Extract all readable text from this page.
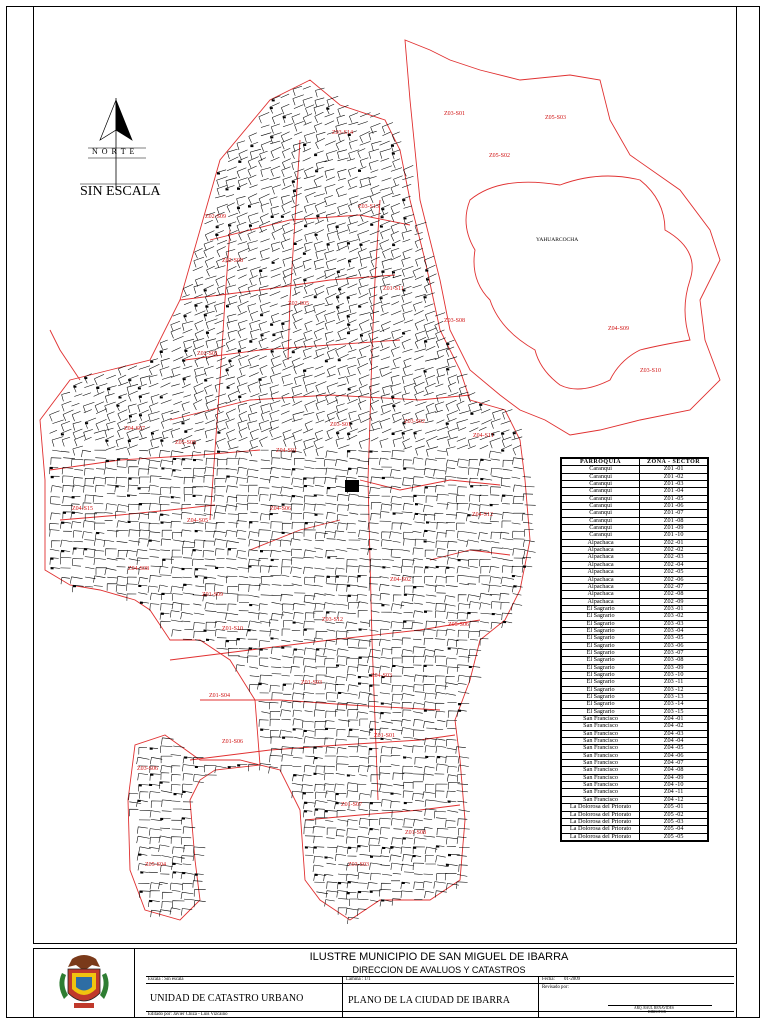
Z03-S01
Z05-S03
Z05-S02
Z03-S14
Z03-S13
Z02-S09
Z02-S08
Z01-S11
Z02-S01
Z02-S05
Z03-S08
Z04-S09
Z04-S07
Z05-S05
Z04-S01
Z03-S01	Z03-S02
Z04-S15	Z04-S06
Z04-S08
Z04-S02
Z01-S10
Z01-S09
Z04-S05
Z03-S12
Z01-S04
Z01-S03
Z04-S03
Z01-S06
Z01-S07
Z01-S08
Z03-S03
Z05-S04
Z01-S01
Z04-S11
Z04-S12
Z05-S06
Z03-S06
Z03-S10
YAHUARCOCHA
N O R T E
SIN ESCALA
PARROQUIA	ZONA - SECTOR
Caranqui	Z01 -01
Caranqui	Z01 -02
Caranqui	Z01 -03
Caranqui	Z01 -04
Caranqui	Z01 -05
Caranqui	Z01 -06
Caranqui	Z01 -07
Caranqui	Z01 -08
Caranqui	Z01 -09
Caranqui	Z01 -10
Alpachaca	Z02 -01
Alpachaca	Z02 -02
Alpachaca	Z02 -03
Alpachaca	Z02 -04
Alpachaca	Z02 -05
Alpachaca	Z02 -06
Alpachaca	Z02 -07
Alpachaca	Z02 -08
Alpachaca	Z02 -09
El Sagrario	Z03 -01
El Sagrario	Z03 -02
El Sagrario	Z03 -03
El Sagrario	Z03 -04
El Sagrario	Z03 -05
El Sagrario	Z03 -06
El Sagrario	Z03 -07
El Sagrario	Z03 -08
El Sagrario	Z03 -09
El Sagrario	Z03 -10
El Sagrario	Z03 -11
El Sagrario	Z03 -12
El Sagrario	Z03 -13
El Sagrario	Z03 -14
El Sagrario	Z03 -15
San Francisco	Z04 -01
San Francisco	Z04 -02
San Francisco	Z04 -03
San Francisco	Z04 -04
San Francisco	Z04 -05
San Francisco	Z04 -06
San Francisco	Z04 -07
San Francisco	Z04 -08
San Francisco	Z04 -09
San Francisco	Z04 -10
San Francisco	Z04 -11
San Francisco	Z04 -12
La Dolorosa del Priorato	Z05 -01
La Dolorosa del Priorato	Z05 -02
La Dolorosa del Priorato	Z05 -03
La Dolorosa del Priorato	Z05 -04
La Dolorosa del Priorato	Z05 -05
ILUSTRE MUNICIPIO DE SAN MIGUEL DE IBARRA
DIRECCION DE AVALUOS Y CATASTROS
Escala : Sin escala	Lamina : 1/1	Fecha: 01-2009
Revisado por:
UNIDAD DE CATASTRO URBANO	PLANO DE LA CIUDAD DE IBARRA
Editado por: Javier Chiza - Luis Vizcaino
ARQ. RAUL BENAVIDES
DIRECTOR
